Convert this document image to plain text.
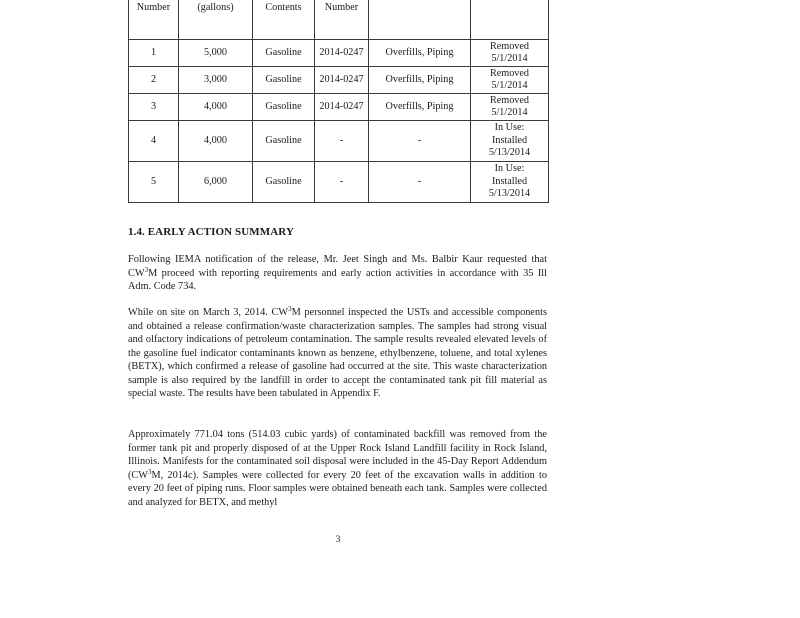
Number	(gallons)	Contents	Number		
1	5,000	Gasoline	2014-0247	Overfills, Piping	Removed
5/1/2014

2	3,000	Gasoline	2014-0247	Overfills, Piping	Removed
5/1/2014

3	4,000	Gasoline	2014-0247	Overfills, Piping	Removed
5/1/2014

4	4,000	Gasoline	-	-	In Use:
Installed
5/13/2014

5	6,000	Gasoline	-	-	In Use:
Installed
5/13/2014
1.4. EARLY ACTION SUMMARY

Following IEMA notification of the release, Mr. Jeet Singh and Ms. Balbir Kaur requested that $CW^3M$ proceed with reporting requirements and early action activities in accordance with 35 Ill Adm. Code 734.

While on site on March 3, 2014. $CW^3M$ personnel inspected the USTs and accessible components and obtained a release confirmation/waste characterization samples. The samples had strong visual and olfactory indications of petroleum contamination. The sample results revealed elevated levels of the gasoline fuel indicator contaminants known as benzene, ethylbenzene, toluene, and total xylenes (BETX), which confirmed a release of gasoline had occurred at the site. This waste characterization sample is also required by the landfill in order to accept the contaminated tank pit fill material as special waste. The results have been tabulated in Appendix F.

Approximately 771.04 tons (514.03 cubic yards) of contaminated backfill was removed from the former tank pit and properly disposed of at the Upper Rock Island Landfill facility in Rock Island, Illinois. Manifests for the contaminated soil disposal were included in the 45-Day Report Addendum ($CW^3M$, 2014c). Samples were collected for every 20 feet of the excavation walls in addition to every 20 feet of piping runs. Floor samples were obtained beneath each tank. Samples were collected and analyzed for BETX, and methyl

3
